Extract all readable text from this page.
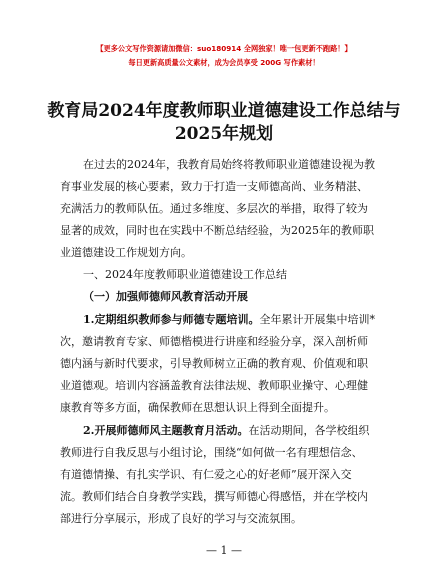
【更多公文写作资源请加微信：suo180914 全网独家！唯一包更新不跑路！】
每日更新高质量公文素材，成为会员享受 200G 写作素材！
教育局2024年度教师职业道德建设工作总结与
2025年规划
在过去的2024年，我教育局始终将教师职业道德建设视为教
育事业发展的核心要素，致力于打造一支师德高尚、业务精湛、
充满活力的教师队伍。通过多维度、多层次的举措，取得了较为
显著的成效，同时也在实践中不断总结经验，为2025年的教师职
业道德建设工作规划方向。
一、2024年度教师职业道德建设工作总结
（一）加强师德师风教育活动开展
1.定期组织教师参与师德专题培训。全年累计开展集中培训*
次，邀请教育专家、师德楷模进行讲座和经验分享，深入剖析师
德内涵与新时代要求，引导教师树立正确的教育观、价值观和职
业道德观。培训内容涵盖教育法律法规、教师职业操守、心理健
康教育等多方面，确保教师在思想认识上得到全面提升。
2.开展师德师风主题教育月活动。在活动期间，各学校组织
教师进行自我反思与小组讨论，围绕“如何做一名有理想信念、
有道德情操、有扎实学识、有仁爱之心的好老师”展开深入交
流。教师们结合自身教学实践，撰写师德心得感悟，并在学校内
部进行分享展示，形成了良好的学习与交流氛围。
— 1 —
